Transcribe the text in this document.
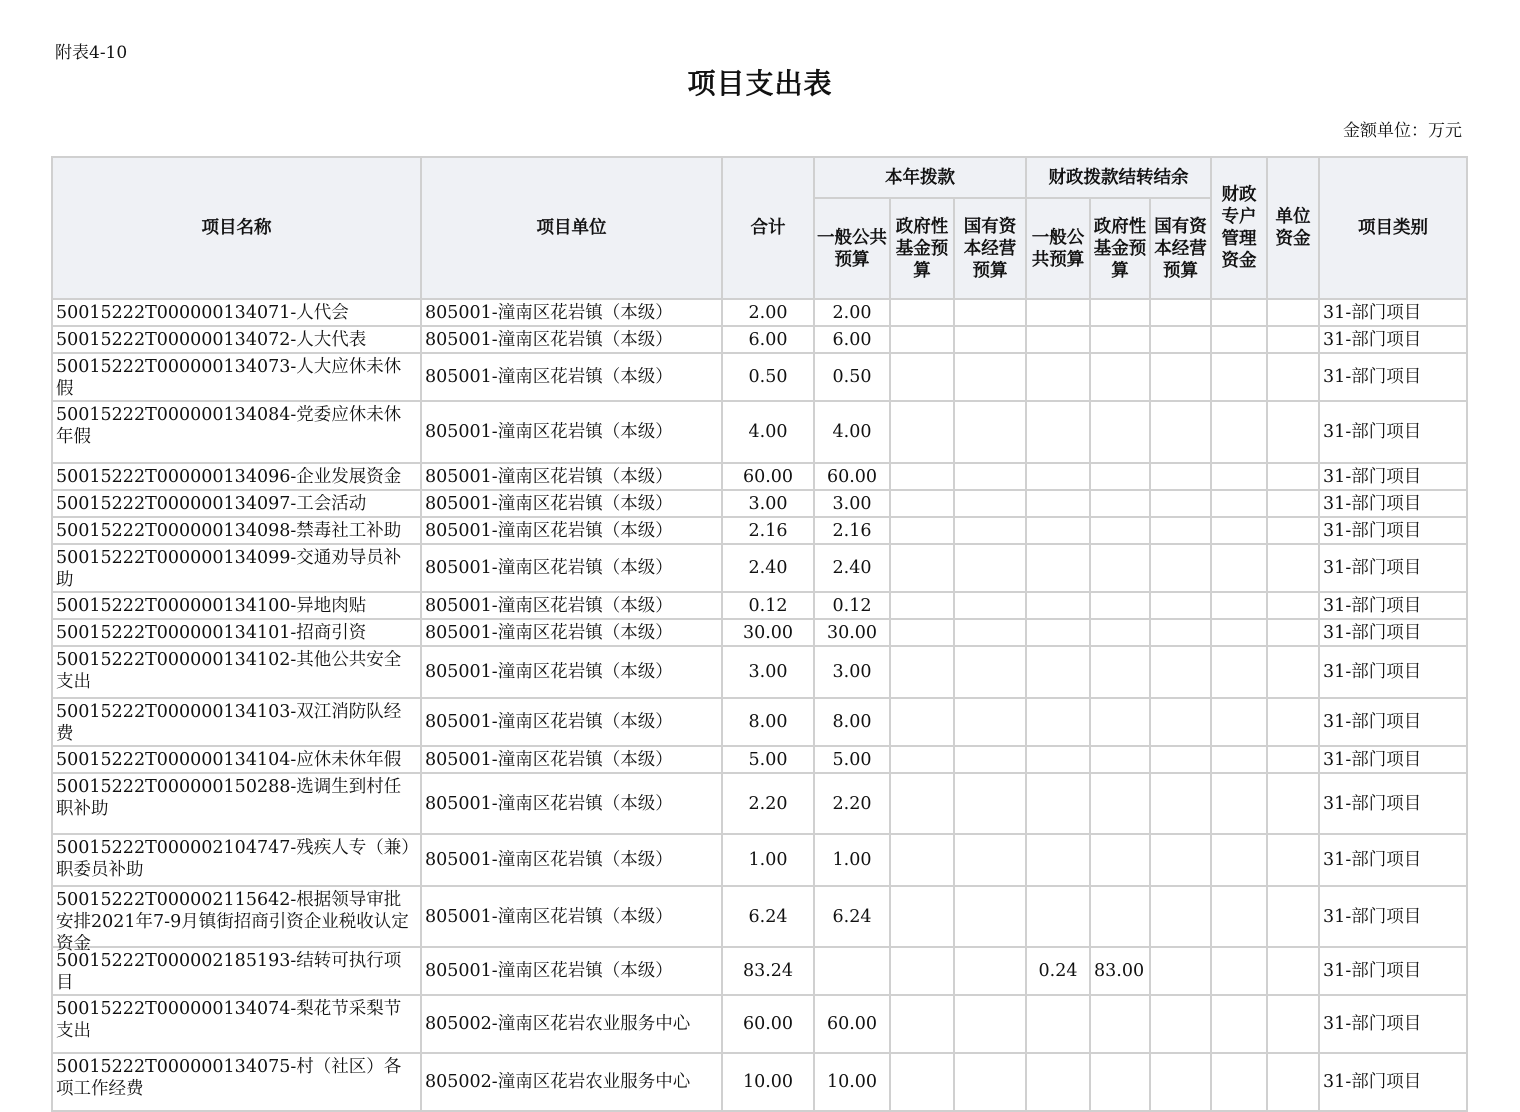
附表4-10
项目支出表
金额单位：万元
项目名称	项目单位	合计	本年拨款			财政拨款结转结余			财政专户管理资金	单位资金	项目类别
			一般公共预算	政府性基金预算	国有资本经营预算	一般公共预算	政府性基金预算	国有资本经营预算			

50015222T000000134071-人代会	805001-潼南区花岩镇（本级）	2.00	2.00								31-部门项目

50015222T000000134072-人大代表	805001-潼南区花岩镇（本级）	6.00	6.00								31-部门项目

50015222T000000134073-人大应休未休假	805001-潼南区花岩镇（本级）	0.50	0.50								31-部门项目

50015222T000000134084-党委应休未休年假	805001-潼南区花岩镇（本级）	4.00	4.00								31-部门项目

50015222T000000134096-企业发展资金	805001-潼南区花岩镇（本级）	60.00	60.00								31-部门项目

50015222T000000134097-工会活动	805001-潼南区花岩镇（本级）	3.00	3.00								31-部门项目

50015222T000000134098-禁毒社工补助	805001-潼南区花岩镇（本级）	2.16	2.16								31-部门项目

50015222T000000134099-交通劝导员补助	805001-潼南区花岩镇（本级）	2.40	2.40								31-部门项目

50015222T000000134100-异地肉贴	805001-潼南区花岩镇（本级）	0.12	0.12								31-部门项目

50015222T000000134101-招商引资	805001-潼南区花岩镇（本级）	30.00	30.00								31-部门项目

50015222T000000134102-其他公共安全支出	805001-潼南区花岩镇（本级）	3.00	3.00								31-部门项目

50015222T000000134103-双江消防队经费	805001-潼南区花岩镇（本级）	8.00	8.00								31-部门项目

50015222T000000134104-应休未休年假	805001-潼南区花岩镇（本级）	5.00	5.00								31-部门项目

50015222T000000150288-选调生到村任职补助	805001-潼南区花岩镇（本级）	2.20	2.20								31-部门项目

50015222T000002104747-残疾人专（兼）职委员补助	805001-潼南区花岩镇（本级）	1.00	1.00								31-部门项目

50015222T000002115642-根据领导审批安排2021年7-9月镇街招商引资企业税收认定资金	805001-潼南区花岩镇（本级）	6.24	6.24								31-部门项目

50015222T000002185193-结转可执行项目	805001-潼南区花岩镇（本级）	83.24				0.24	83.00				31-部门项目

50015222T000000134074-梨花节采梨节支出	805002-潼南区花岩农业服务中心	60.00	60.00								31-部门项目

50015222T000000134075-村（社区）各项工作经费	805002-潼南区花岩农业服务中心	10.00	10.00								31-部门项目
